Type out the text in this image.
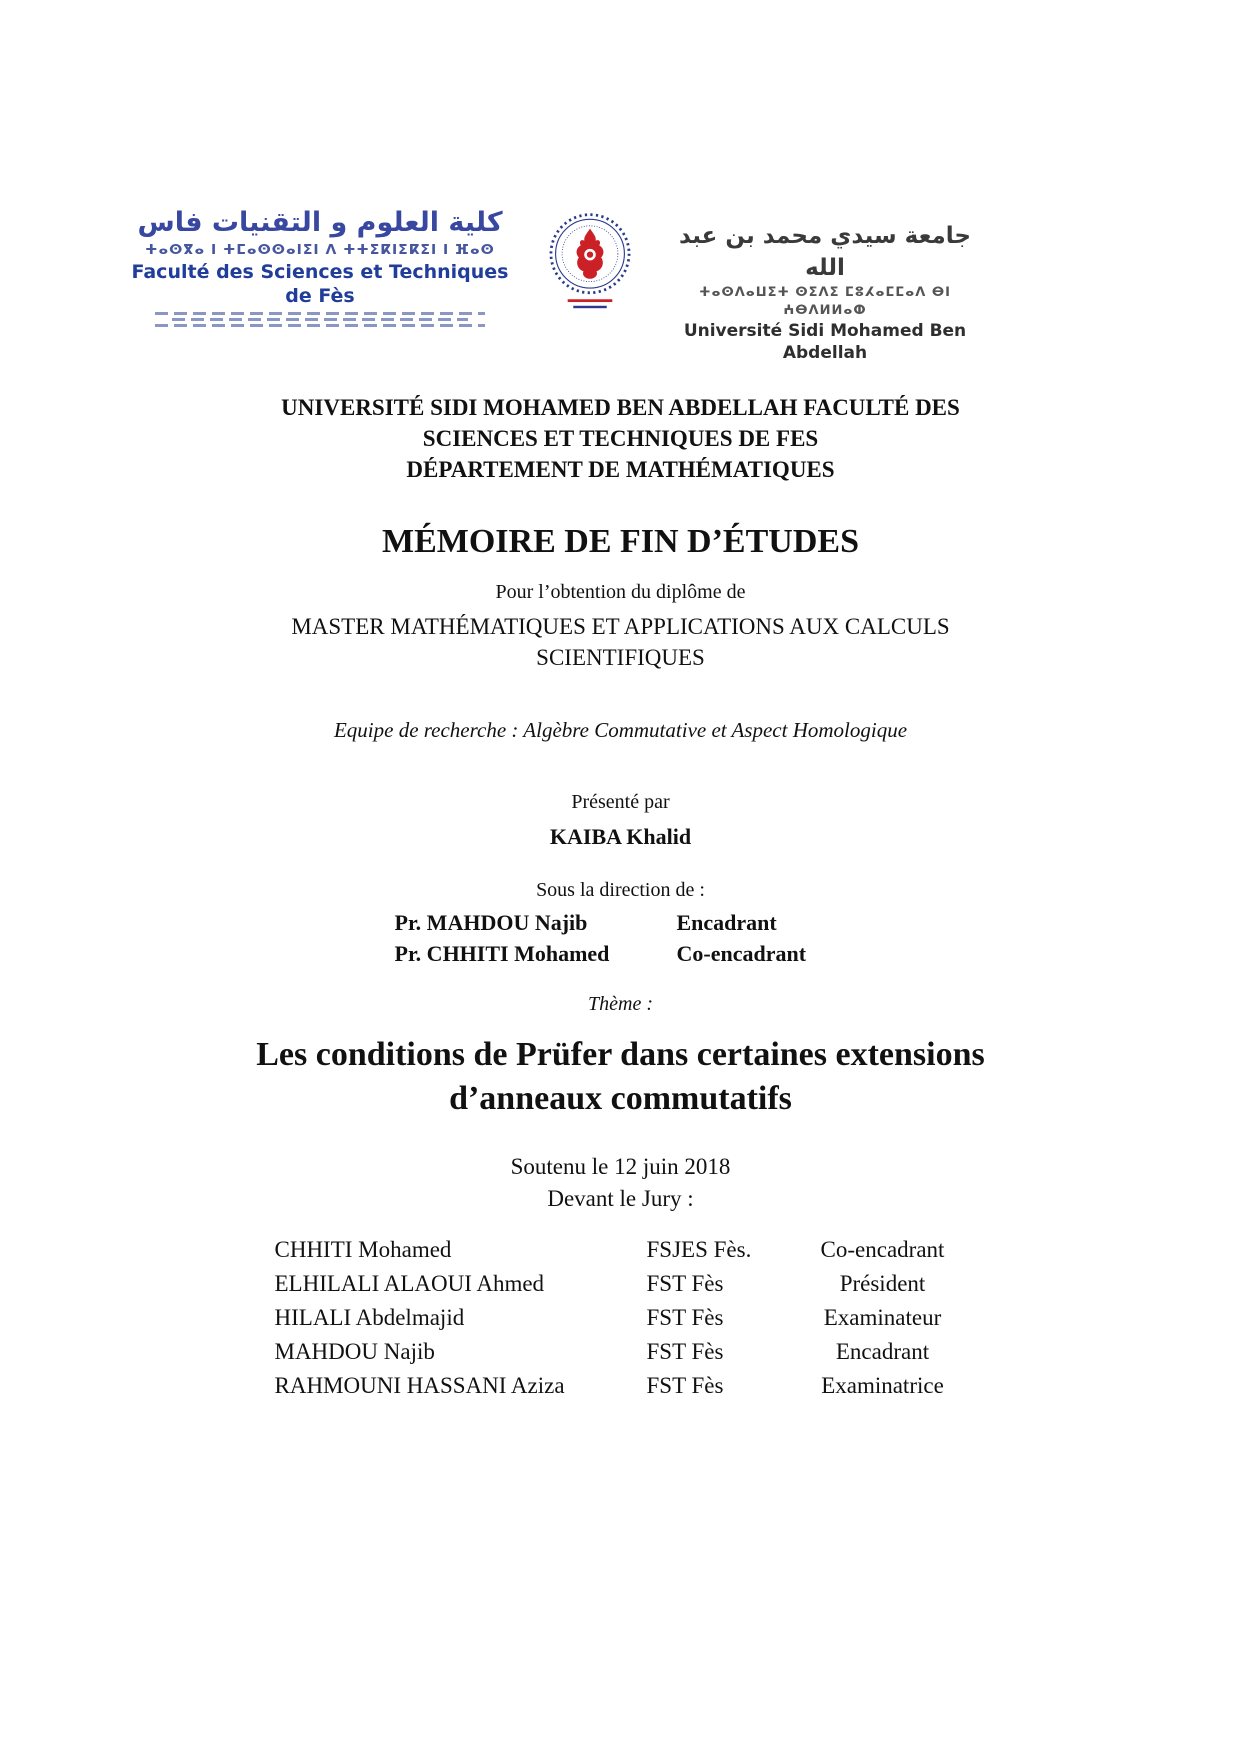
كلية العلوم و التقنيات فاس
ⵜⴰⵙⴳⴰ ⵏ ⵜⵎⴰⵙⵙⴰⵏⵉⵏ ⴷ ⵜⵜⵉⴽⵏⵉⴽⵉⵏ ⵏ ⴼⴰⵙ
Faculté des Sciences et Techniques de Fès
جامعة سيدي محمد بن عبد الله
ⵜⴰⵙⴷⴰⵡⵉⵜ ⵙⵉⴷⵉ ⵎⵓⵃⴰⵎⵎⴰⴷ ⴱⵏ ⵄⴱⴷⵍⵍⴰⵀ
Université Sidi Mohamed Ben Abdellah
UNIVERSITÉ SIDI MOHAMED BEN ABDELLAH FACULTÉ DES
SCIENCES ET TECHNIQUES DE FES
DÉPARTEMENT DE MATHÉMATIQUES
MÉMOIRE DE FIN D’ÉTUDES
Pour l’obtention du diplôme de
MASTER MATHÉMATIQUES ET APPLICATIONS AUX CALCULS
SCIENTIFIQUES
Equipe de recherche : Algèbre Commutative et Aspect Homologique
Présenté par
KAIBA Khalid
Sous la direction de :
Pr. MAHDOU Najib	Encadrant
Pr. CHHITI Mohamed	Co-encadrant
Thème :
Les conditions de Prüfer dans certaines extensions
d’anneaux commutatifs
Soutenu le 12 juin 2018
Devant le Jury :
CHHITI Mohamed	FSJES Fès.	Co-encadrant
ELHILALI ALAOUI Ahmed	FST Fès	Président
HILALI Abdelmajid	FST Fès	Examinateur
MAHDOU Najib	FST Fès	Encadrant
RAHMOUNI HASSANI Aziza	FST Fès	Examinatrice
